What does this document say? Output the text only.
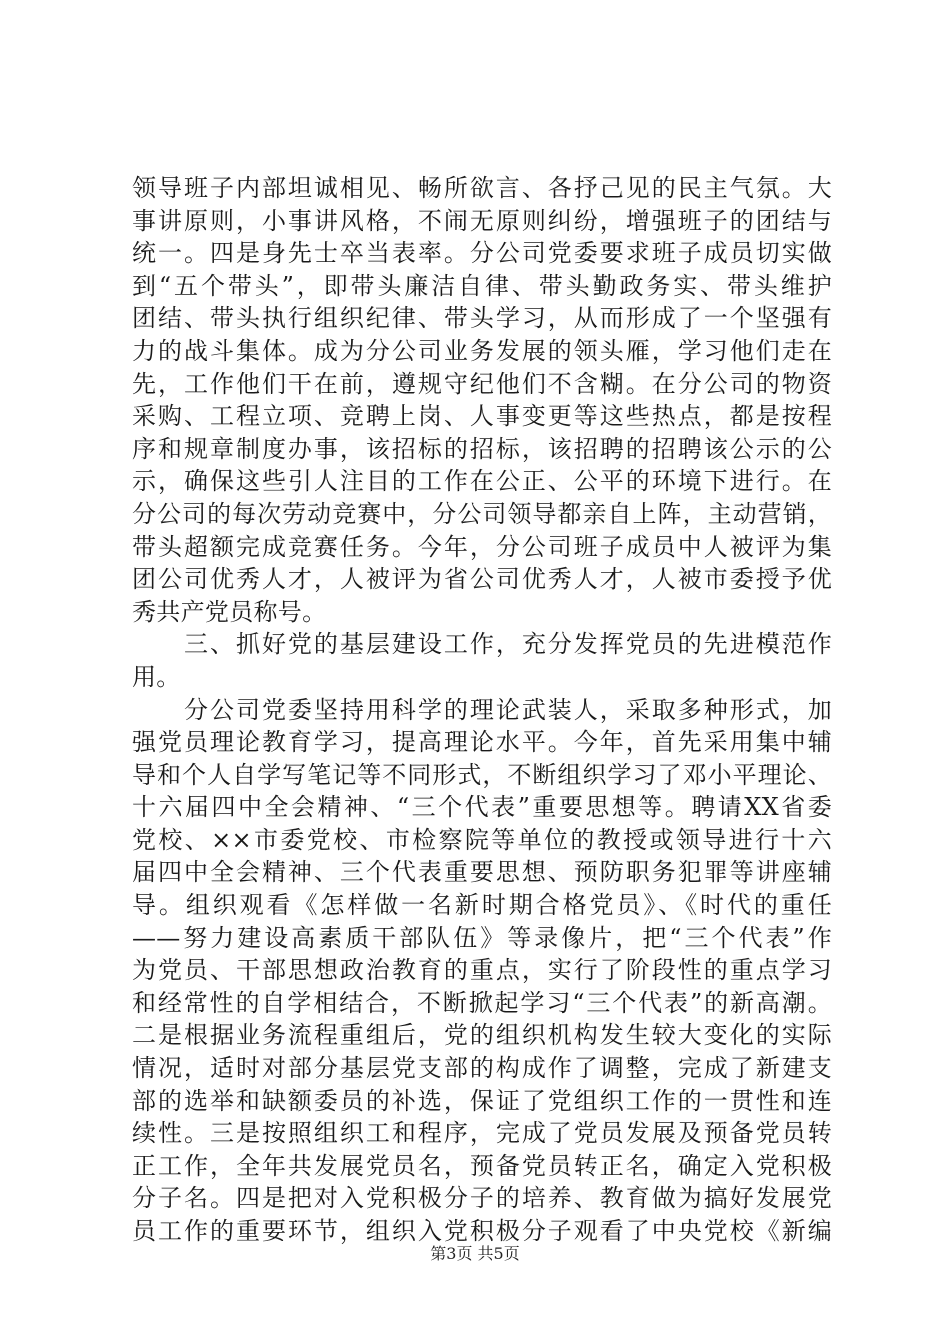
领导班子内部坦诚相见、畅所欲言、各抒己见的民主气氛。大
事讲原则，小事讲风格，不闹无原则纠纷，增强班子的团结与
统一。四是身先士卒当表率。分公司党委要求班子成员切实做
到“五个带头”，即带头廉洁自律、带头勤政务实、带头维护
团结、带头执行组织纪律、带头学习，从而形成了一个坚强有
力的战斗集体。成为分公司业务发展的领头雁，学习他们走在
先，工作他们干在前，遵规守纪他们不含糊。在分公司的物资
采购、工程立项、竞聘上岗、人事变更等这些热点，都是按程
序和规章制度办事，该招标的招标，该招聘的招聘该公示的公
示，确保这些引人注目的工作在公正、公平的环境下进行。在
分公司的每次劳动竞赛中，分公司领导都亲自上阵，主动营销，
带头超额完成竞赛任务。今年，分公司班子成员中人被评为集
团公司优秀人才，人被评为省公司优秀人才，人被市委授予优
秀共产党员称号。
　　三、抓好党的基层建设工作，充分发挥党员的先进模范作
用。
　　分公司党委坚持用科学的理论武装人，采取多种形式，加
强党员理论教育学习，提高理论水平。今年，首先采用集中辅
导和个人自学写笔记等不同形式，不断组织学习了邓小平理论、
十六届四中全会精神、“三个代表”重要思想等。聘请XX省委
党校、××市委党校、市检察院等单位的教授或领导进行十六
届四中全会精神、三个代表重要思想、预防职务犯罪等讲座辅
导。组织观看《怎样做一名新时期合格党员》、《时代的重任
——努力建设高素质干部队伍》等录像片，把“三个代表”作
为党员、干部思想政治教育的重点，实行了阶段性的重点学习
和经常性的自学相结合，不断掀起学习“三个代表”的新高潮。
二是根据业务流程重组后，党的组织机构发生较大变化的实际
情况，适时对部分基层党支部的构成作了调整，完成了新建支
部的选举和缺额委员的补选，保证了党组织工作的一贯性和连
续性。三是按照组织工和程序，完成了党员发展及预备党员转
正工作，全年共发展党员名，预备党员转正名，确定入党积极
分子名。四是把对入党积极分子的培养、教育做为搞好发展党
员工作的重要环节，组织入党积极分子观看了中央党校《新编
第3页 共5页
